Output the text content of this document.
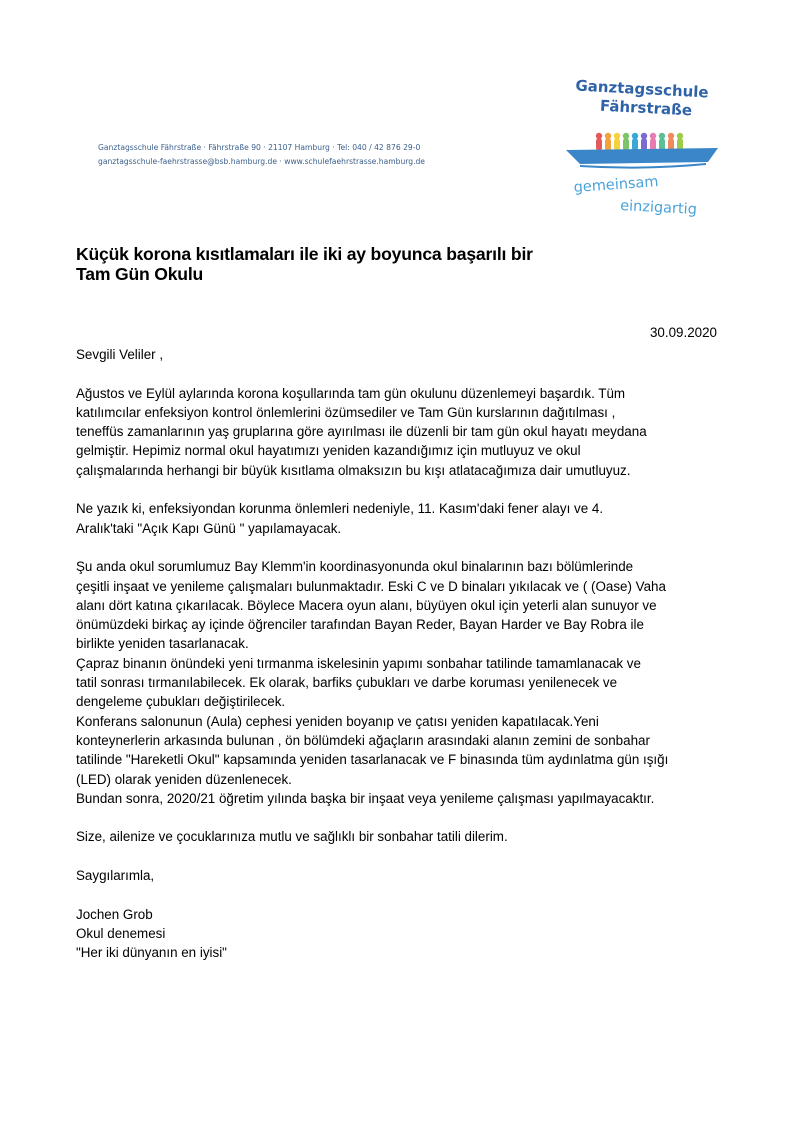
Ganztagsschule Fährstraße · Fährstraße 90 · 21107 Hamburg · Tel: 040 / 42 876 29-0
ganztagsschule-faehrstrasse@bsb.hamburg.de · www.schulefaehrstrasse.hamburg.de
Ganztagsschule
Fährstraße
gemeinsam
einzigartig
Küçük korona kısıtlamaları ile iki ay boyunca başarılı bir
Tam Gün Okulu
30.09.2020

Sevgili Veliler ,

Ağustos ve Eylül aylarında korona koşullarında tam gün okulunu düzenlemeyi başardık. Tüm

katılımcılar enfeksiyon kontrol önlemlerini özümsediler ve Tam Gün kurslarının dağıtılması ,

teneffüs zamanlarının yaş gruplarına göre ayırılması ile düzenli bir tam gün okul hayatı meydana

gelmiştir. Hepimiz normal okul hayatımızı yeniden kazandığımız için mutluyuz ve okul

çalışmalarında herhangi bir büyük kısıtlama olmaksızın bu kışı atlatacağımıza dair umutluyuz.

Ne yazık ki, enfeksiyondan korunma önlemleri nedeniyle, 11. Kasım'daki fener alayı ve 4.

Aralık'taki "Açık Kapı Günü " yapılamayacak.

Şu anda okul sorumlumuz Bay Klemm'in koordinasyonunda okul binalarının bazı bölümlerinde

çeşitli inşaat ve yenileme çalışmaları bulunmaktadır. Eski C ve D binaları yıkılacak ve ( (Oase) Vaha

alanı dört katına çıkarılacak. Böylece Macera oyun alanı, büyüyen okul için yeterli alan sunuyor ve

önümüzdeki birkaç ay içinde öğrenciler tarafından Bayan Reder, Bayan Harder ve Bay Robra ile

birlikte yeniden tasarlanacak.

Çapraz binanın önündeki yeni tırmanma iskelesinin yapımı sonbahar tatilinde tamamlanacak ve

tatil sonrası tırmanılabilecek. Ek olarak, barfiks çubukları ve darbe koruması yenilenecek ve

dengeleme çubukları değiştirilecek.

Konferans salonunun (Aula) cephesi yeniden boyanıp ve çatısı yeniden kapatılacak.Yeni

konteynerlerin arkasında bulunan , ön bölümdeki ağaçların arasındaki alanın zemini de sonbahar

tatilinde "Hareketli Okul" kapsamında yeniden tasarlanacak ve F binasında tüm aydınlatma gün ışığı

(LED) olarak yeniden düzenlenecek.

Bundan sonra, 2020/21 öğretim yılında başka bir inşaat veya yenileme çalışması yapılmayacaktır.

Size, ailenize ve çocuklarınıza mutlu ve sağlıklı bir sonbahar tatili dilerim.

Saygılarımla,

Jochen Grob

Okul denemesi

"Her iki dünyanın en iyisi"
